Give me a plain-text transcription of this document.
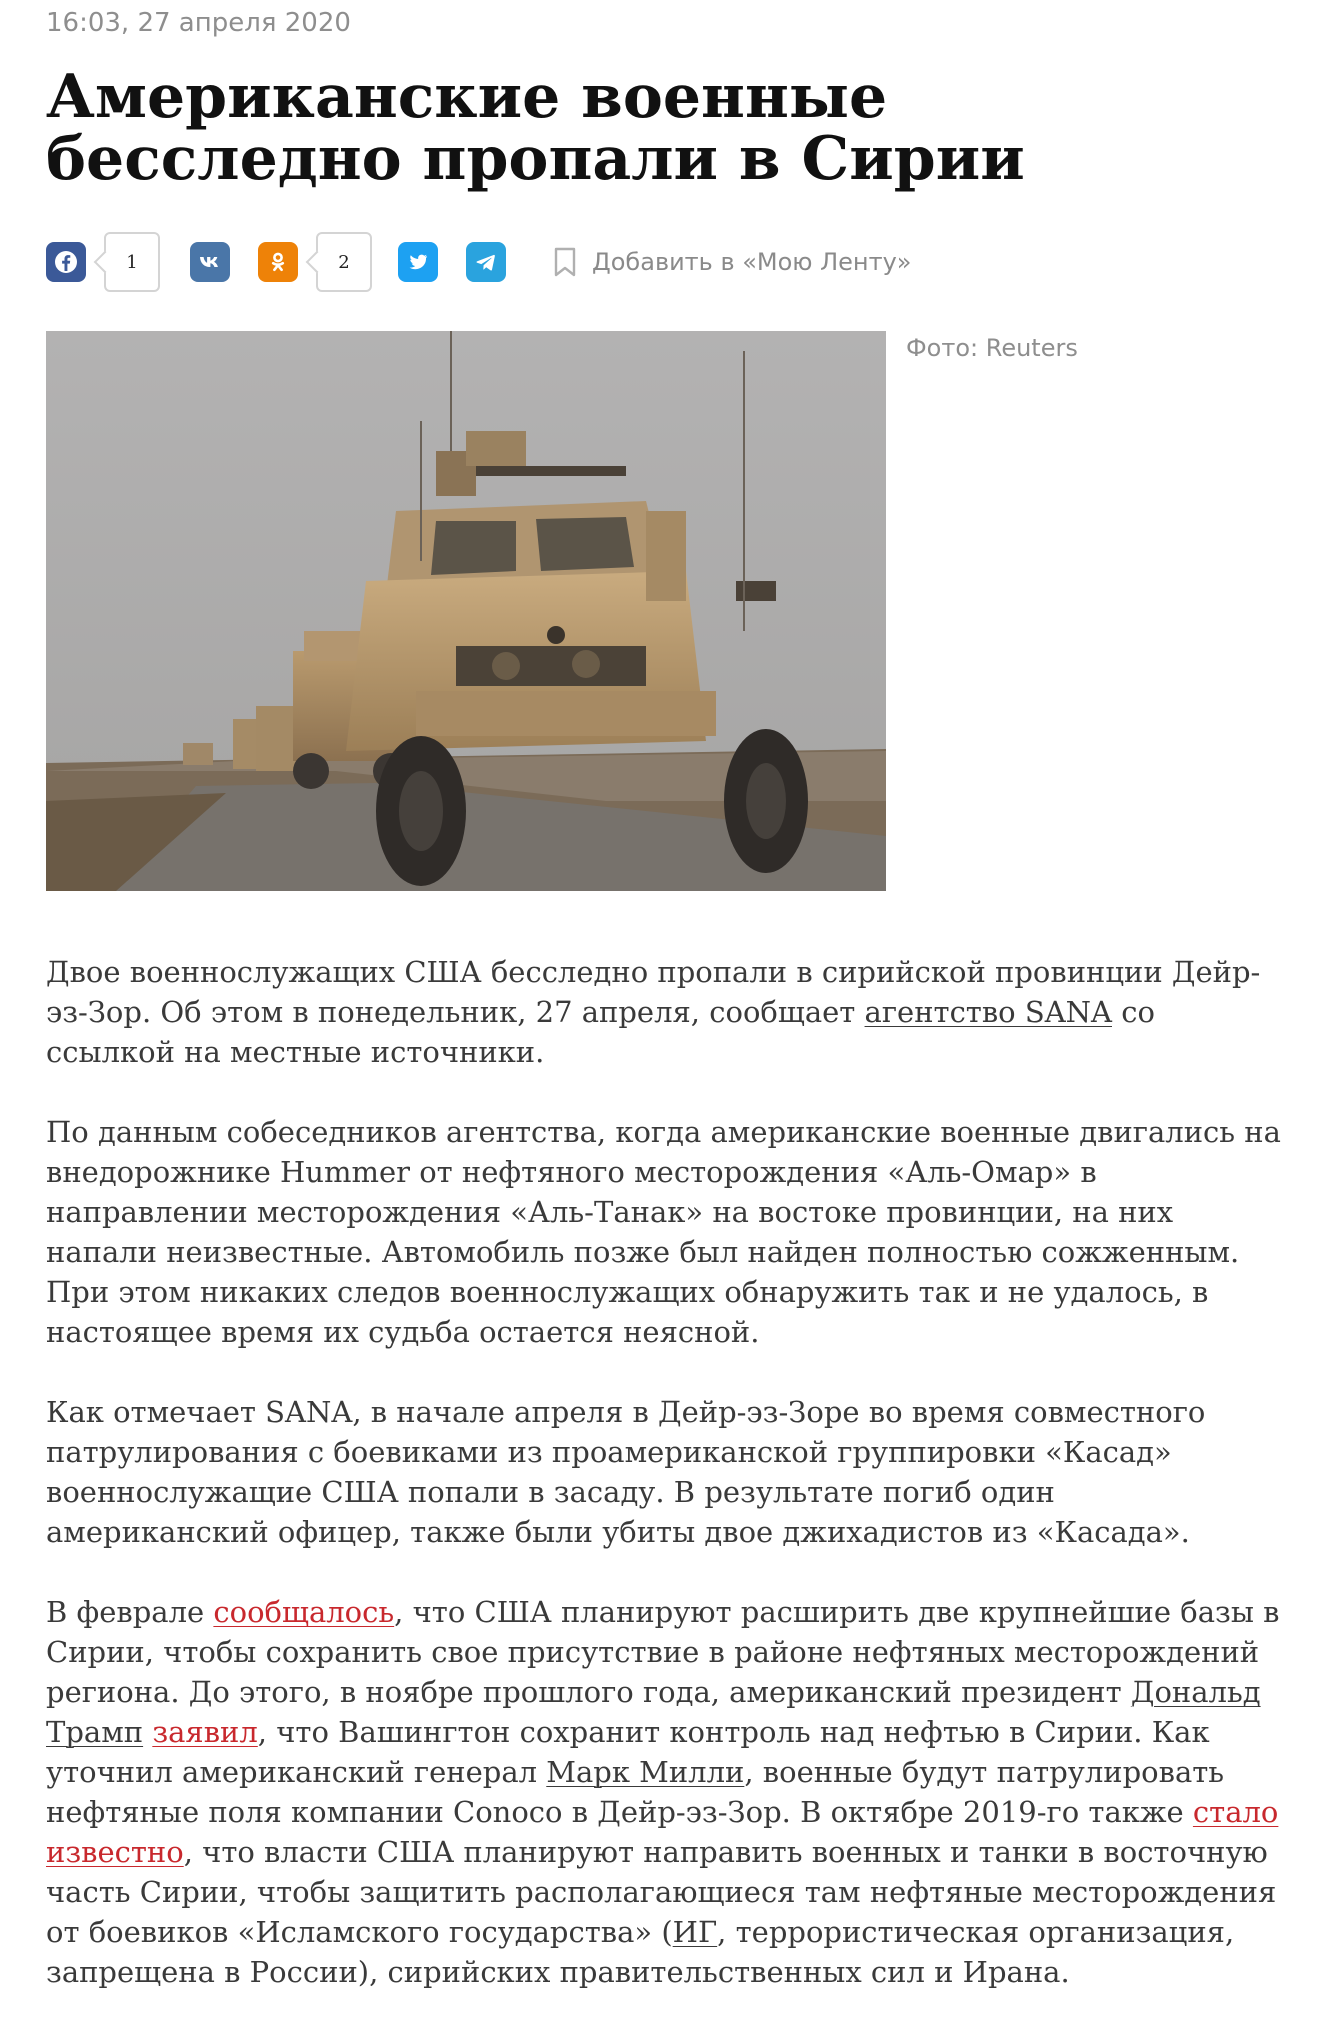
16:03, 27 апреля 2020
Американские военные бесследно пропали в Сирии
1	2	Добавить в «Мою Ленту»
Фото: Reuters

Двое военнослужащих США бесследно пропали в сирийской провинции Дейр-эз-Зор. Об этом в понедельник, 27 апреля, сообщает агентство SANA со ссылкой на местные источники.

По данным собеседников агентства, когда американские военные двигались на внедорожнике Hummer от нефтяного месторождения «Аль-Омар» в направлении месторождения «Аль-Танак» на востоке провинции, на них напали неизвестные. Автомобиль позже был найден полностью сожженным. При этом никаких следов военнослужащих обнаружить так и не удалось, в настоящее время их судьба остается неясной.

Как отмечает SANA, в начале апреля в Дейр-эз-Зоре во время совместного патрулирования с боевиками из проамериканской группировки «Касад» военнослужащие США попали в засаду. В результате погиб один американский офицер, также были убиты двое джихадистов из «Касада».

В феврале сообщалось, что США планируют расширить две крупнейшие базы в Сирии, чтобы сохранить свое присутствие в районе нефтяных месторождений региона. До этого, в ноябре прошлого года, американский президент Дональд Трамп заявил, что Вашингтон сохранит контроль над нефтью в Сирии. Как уточнил американский генерал Марк Милли, военные будут патрулировать нефтяные поля компании Conoco в Дейр-эз-Зор. В октябре 2019-го также стало известно, что власти США планируют направить военных и танки в восточную часть Сирии, чтобы защитить располагающиеся там нефтяные месторождения от боевиков «Исламского государства» (ИГ, террористическая организация, запрещена в России), сирийских правительственных сил и Ирана.
